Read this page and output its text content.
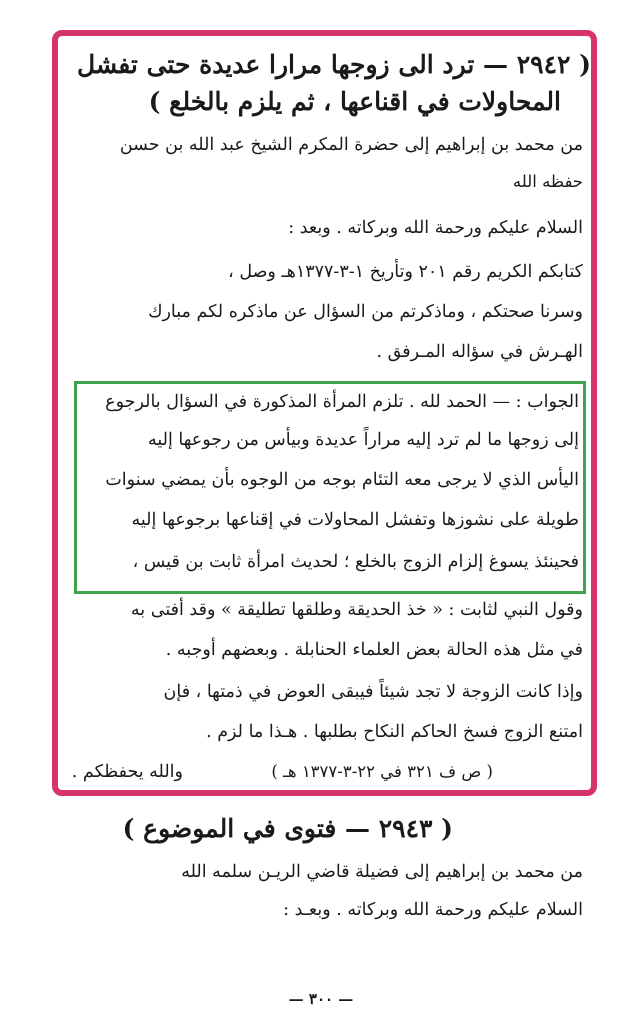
( ٢٩٤٢ — ترد الى زوجها مرارا عديدة حتى تفشل
المحاولات في اقناعها ، ثم يلزم بالخلع )
من محمد بن إبراهيم إلى حضرة المكرم الشيخ عبد الله بن حسن
حفظه الله
السلام عليكم ورحمة الله وبركاته . وبعد :
كتابكم الكريم رقم ٢٠١ وتأريخ ١-٣-١٣٧٧هـ وصل ،
وسرنا صحتكم ، وماذكرتم من السؤال عن ماذكره لكم مبارك
الهـرش في سؤاله المـرفق .
الجواب : — الحمد لله . تلزم المرأة المذكورة في السؤال بالرجوع
إلى زوجها ما لم ترد إليه مراراً عديدة وبيأس من رجوعها إليه
اليأس الذي لا يرجى معه التئام بوجه من الوجوه بأن يمضي سنوات
طويلة على نشوزها وتفشل المحاولات في إقناعها برجوعها إليه
فحينئذ يسوغ إلزام الزوج بالخلع ؛ لحديث امرأة ثابت بن قيس ،
وقول النبي لثابت : « خذ الحديقة وطلقها تطليقة » وقد أفتى به
في مثل هذه الحالة بعض العلماء الحنابلة . وبعضهم أوجبه .
وإذا كانت الزوجة لا تجد شيئاً فيبقى العوض في ذمتها ، فإن
امتنع الزوج فسخ الحاكم النكاح بطلبها . هـذا ما لزم .
والله يحفظكم .	( ص ف ٣٢١ في ٢٢-٣-١٣٧٧ هـ )
( ٢٩٤٣ — فتوى في الموضوع )
من محمد بن إبراهيم إلى فضيلة قاضي الريـن سلمه الله
السلام عليكم ورحمة الله وبركاته . وبعـد :
— ٣٠٠ —
